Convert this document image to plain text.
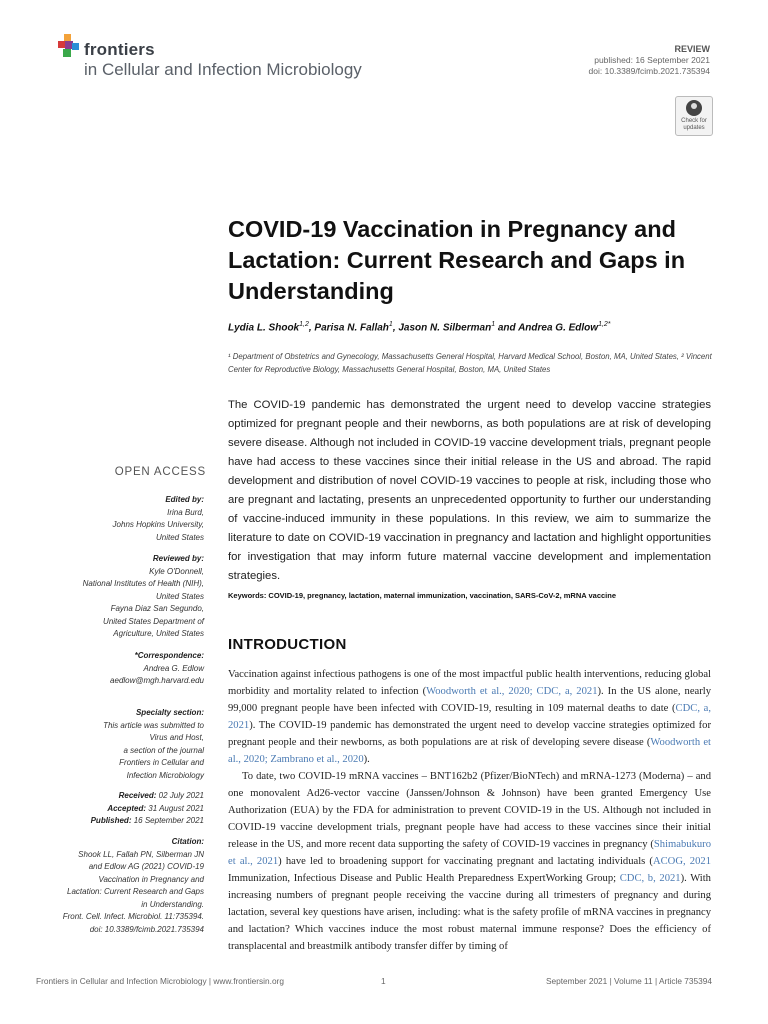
frontiers
in Cellular and Infection Microbiology
REVIEW
published: 16 September 2021
doi: 10.3389/fcimb.2021.735394
Check for
updates
COVID-19 Vaccination in Pregnancy and Lactation: Current Research and Gaps in Understanding
Lydia L. Shook$^{1,2}$, Parisa N. Fallah$^1$, Jason N. Silberman$^1$ and Andrea G. Edlow$^{1,2*}$
¹ Department of Obstetrics and Gynecology, Massachusetts General Hospital, Harvard Medical School, Boston, MA, United States, ² Vincent Center for Reproductive Biology, Massachusetts General Hospital, Boston, MA, United States
The COVID-19 pandemic has demonstrated the urgent need to develop vaccine strategies optimized for pregnant people and their newborns, as both populations are at risk of developing severe disease. Although not included in COVID-19 vaccine development trials, pregnant people have had access to these vaccines since their initial release in the US and abroad. The rapid development and distribution of novel COVID-19 vaccines to people at risk, including those who are pregnant and lactating, presents an unprecedented opportunity to further our understanding of vaccine-induced immunity in these populations. In this review, we aim to summarize the literature to date on COVID-19 vaccination in pregnancy and lactation and highlight opportunities for investigation that may inform future maternal vaccine development and implementation strategies.
Keywords: COVID-19, pregnancy, lactation, maternal immunization, vaccination, SARS-CoV-2, mRNA vaccine
INTRODUCTION

Vaccination against infectious pathogens is one of the most impactful public health interventions, reducing global morbidity and mortality related to infection (Woodworth et al., 2020; CDC, a, 2021). In the US alone, nearly 99,000 pregnant people have been infected with COVID-19, resulting in 109 maternal deaths to date (CDC, a, 2021). The COVID-19 pandemic has demonstrated the urgent need to develop vaccine strategies optimized for pregnant people and their newborns, as both populations are at risk of developing severe disease (Woodworth et al., 2020; Zambrano et al., 2020).

To date, two COVID-19 mRNA vaccines – BNT162b2 (Pfizer/BioNTech) and mRNA-1273 (Moderna) – and one monovalent Ad26-vector vaccine (Janssen/Johnson & Johnson) have been granted Emergency Use Authorization (EUA) by the FDA for administration to prevent COVID-19 in the US. Although not included in COVID-19 vaccine development trials, pregnant people have had access to these vaccines since their initial release in the US, and more recent data supporting the safety of COVID-19 vaccines in pregnancy (Shimabukuro et al., 2021) have led to broadening support for vaccinating pregnant and lactating individuals (ACOG, 2021 Immunization, Infectious Disease and Public Health Preparedness ExpertWorking Group; CDC, b, 2021). With increasing numbers of pregnant people receiving the vaccine during all trimesters of pregnancy and during lactation, several key questions have arisen, including: what is the safety profile of mRNA vaccines in pregnancy and lactation? Which vaccines induce the most robust maternal immune response? Does the efficiency of transplacental and breastmilk antibody transfer differ by timing of

OPEN ACCESS
Edited by:
Irina Burd,
Johns Hopkins University,
United States
Reviewed by:
Kyle O'Donnell,
National Institutes of Health (NIH),
United States
Fayna Diaz San Segundo,
United States Department of
Agriculture, United States
*Correspondence:
Andrea G. Edlow
aedlow@mgh.harvard.edu
Specialty section:
This article was submitted to
Virus and Host,
a section of the journal
Frontiers in Cellular and
Infection Microbiology
Received: 02 July 2021
Accepted: 31 August 2021
Published: 16 September 2021
Citation:
Shook LL, Fallah PN, Silberman JN
and Edlow AG (2021) COVID-19
Vaccination in Pregnancy and
Lactation: Current Research and Gaps
in Understanding.
Front. Cell. Infect. Microbiol. 11:735394.
doi: 10.3389/fcimb.2021.735394
Frontiers in Cellular and Infection Microbiology | www.frontiersin.org	1	September 2021 | Volume 11 | Article 735394
